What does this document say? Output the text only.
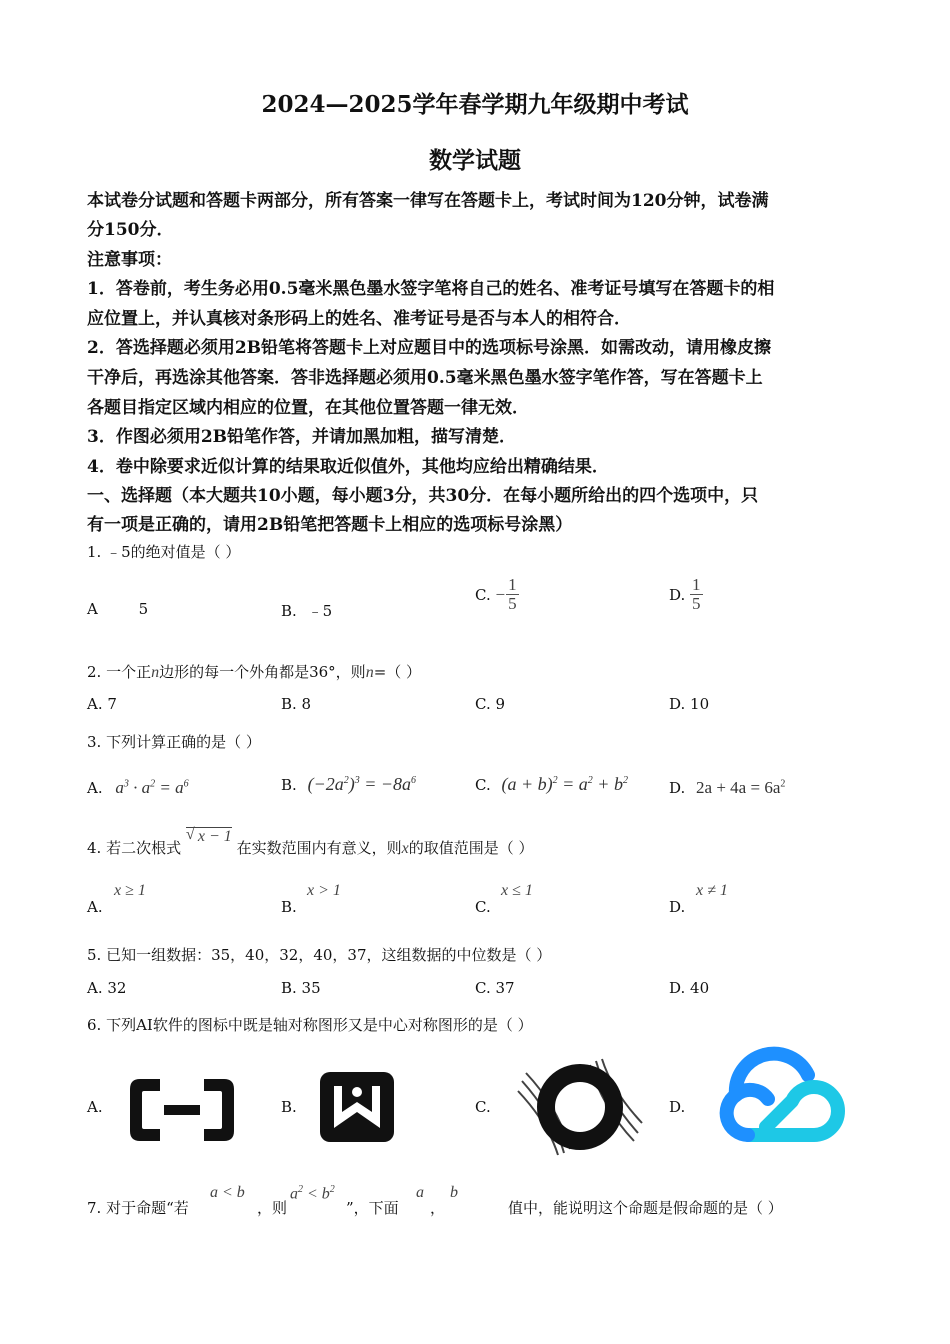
2024—2025学年春学期九年级期中考试
数学试题
本试卷分试题和答题卡两部分，所有答案一律写在答题卡上，考试时间为120分钟，试卷满
分150分．
注意事项：
1．答卷前，考生务必用0.5毫米黑色墨水签字笔将自己的姓名、准考证号填写在答题卡的相
应位置上，并认真核对条形码上的姓名、准考证号是否与本人的相符合．
2．答选择题必须用2B铅笔将答题卡上对应题目中的选项标号涂黑．如需改动，请用橡皮擦
干净后，再选涂其他答案．答非选择题必须用0.5毫米黑色墨水签字笔作答，写在答题卡上
各题目指定区域内相应的位置，在其他位置答题一律无效．
3．作图必须用2B铅笔作答，并请加黑加粗，描写清楚．
4．卷中除要求近似计算的结果取近似值外，其他均应给出精确结果．
一、选择题（本大题共10小题，每小题3分，共30分．在每小题所给出的四个选项中，只
有一项是正确的，请用2B铅笔把答题卡上相应的选项标号涂黑）
1. ﹣5的绝对值是（ ）
A	5	B. ﹣5
C. − $\frac{1}{5}$	D. $\frac{1}{5}$
2. 一个正n边形的每一个外角都是36°，则n=（ ）
A. 7	B. 8	C. 9	D. 10
3. 下列计算正确的是（ ）
A. $a^3 \cdot a^2 = a^6$	B. $(-2a^2)^3 = -8a^6$	C. $(a + b)^2 = a^2 + b^2$	D. $2a + 4a = 6a^2$
4. 若二次根式
√ x − 1 在实数范围内有意义，则x的取值范围是（ ）
A.
x ≥ 1
B.
x > 1
C.
x ≤ 1
D.
x ≠ 1
5. 已知一组数据：35，40，32，40，37，这组数据的中位数是（ ）
A. 32	B. 35	C. 37	D. 40
6. 下列AI软件的图标中既是轴对称图形又是中心对称图形的是（ ）
A.	B.	C.	D.
7. 对于命题“若
a < b
，则
$a^2 < b^2$
”，下面
a
，
b
值中，能说明这个命题是假命题的是（ ）
